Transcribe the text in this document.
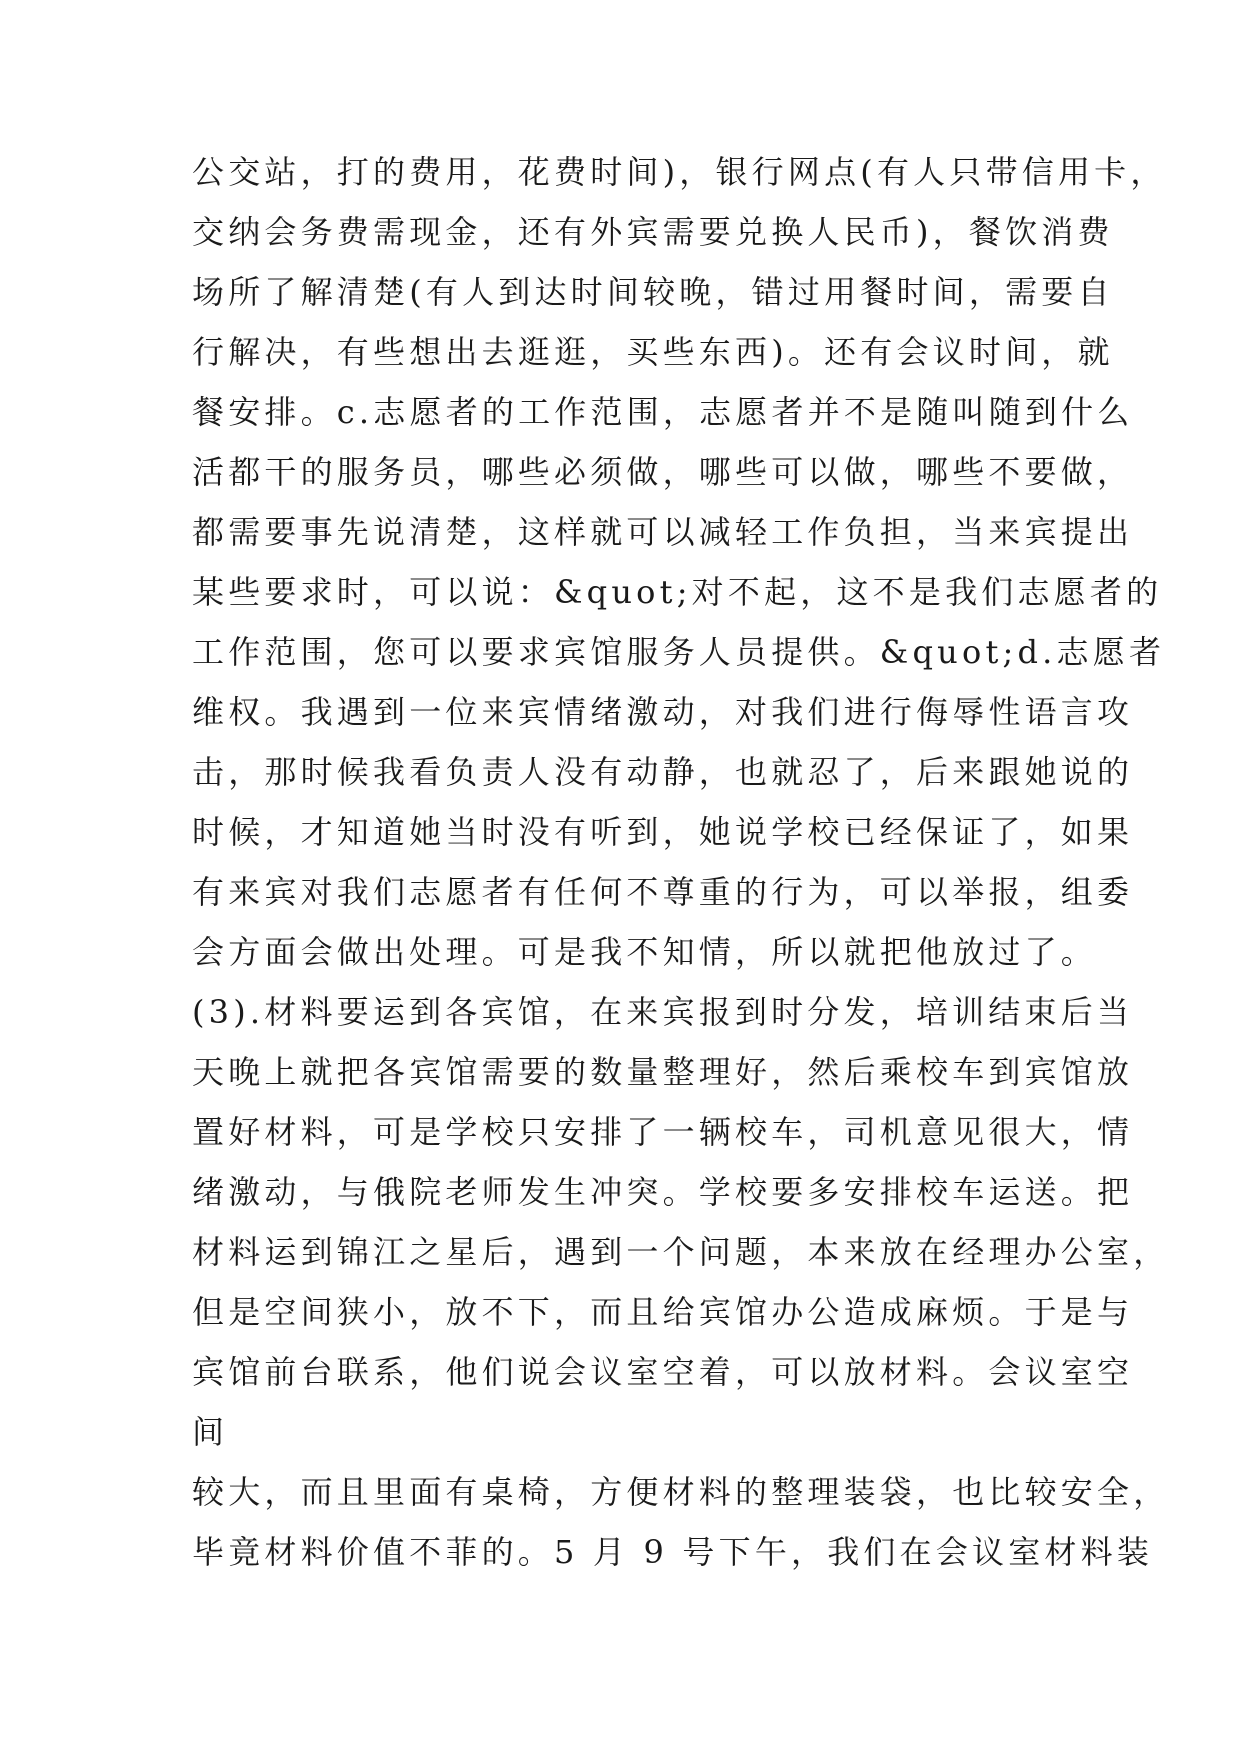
公交站，打的费用，花费时间)，银行网点(有人只带信用卡，
交纳会务费需现金，还有外宾需要兑换人民币)，餐饮消费
场所了解清楚(有人到达时间较晚，错过用餐时间，需要自
行解决，有些想出去逛逛，买些东西)。还有会议时间，就
餐安排。c.志愿者的工作范围，志愿者并不是随叫随到什么
活都干的服务员，哪些必须做，哪些可以做，哪些不要做，
都需要事先说清楚，这样就可以减轻工作负担，当来宾提出
某些要求时，可以说：&quot;对不起，这不是我们志愿者的
工作范围，您可以要求宾馆服务人员提供。&quot;d.志愿者
维权。我遇到一位来宾情绪激动，对我们进行侮辱性语言攻
击，那时候我看负责人没有动静，也就忍了，后来跟她说的
时候，才知道她当时没有听到，她说学校已经保证了，如果
有来宾对我们志愿者有任何不尊重的行为，可以举报，组委
会方面会做出处理。可是我不知情，所以就把他放过了。
(3).材料要运到各宾馆，在来宾报到时分发，培训结束后当
天晚上就把各宾馆需要的数量整理好，然后乘校车到宾馆放
置好材料，可是学校只安排了一辆校车，司机意见很大，情
绪激动，与俄院老师发生冲突。学校要多安排校车运送。把
材料运到锦江之星后，遇到一个问题，本来放在经理办公室，
但是空间狭小，放不下，而且给宾馆办公造成麻烦。于是与
宾馆前台联系，他们说会议室空着，可以放材料。会议室空
间
较大，而且里面有桌椅，方便材料的整理装袋，也比较安全，
毕竟材料价值不菲的。5 月 9 号下午，我们在会议室材料装
